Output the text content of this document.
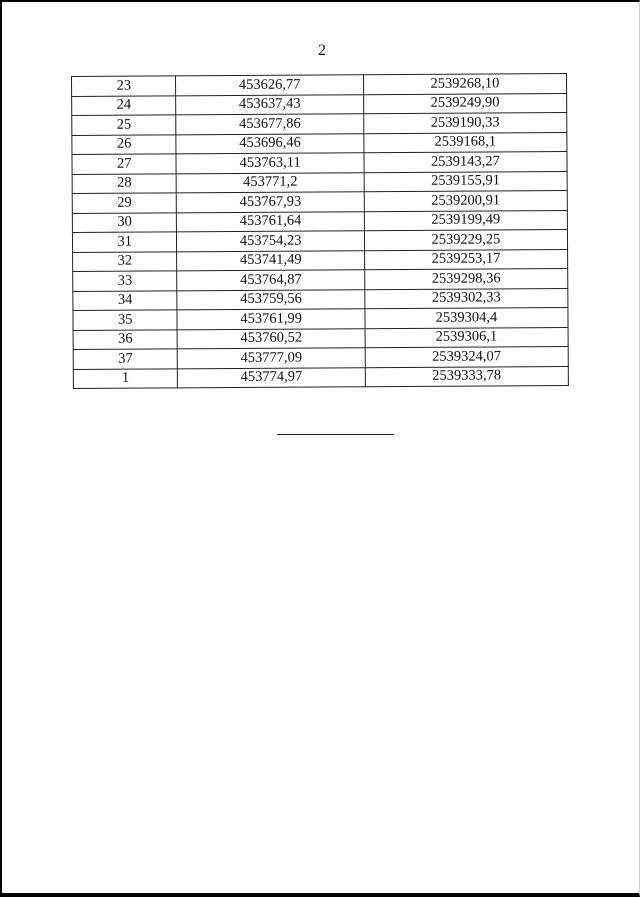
2
23	453626,77	2539268,10
24	453637,43	2539249,90
25	453677,86	2539190,33
26	453696,46	2539168,1
27	453763,11	2539143,27
28	453771,2	2539155,91
29	453767,93	2539200,91
30	453761,64	2539199,49
31	453754,23	2539229,25
32	453741,49	2539253,17
33	453764,87	2539298,36
34	453759,56	2539302,33
35	453761,99	2539304,4
36	453760,52	2539306,1
37	453777,09	2539324,07
1	453774,97	2539333,78
